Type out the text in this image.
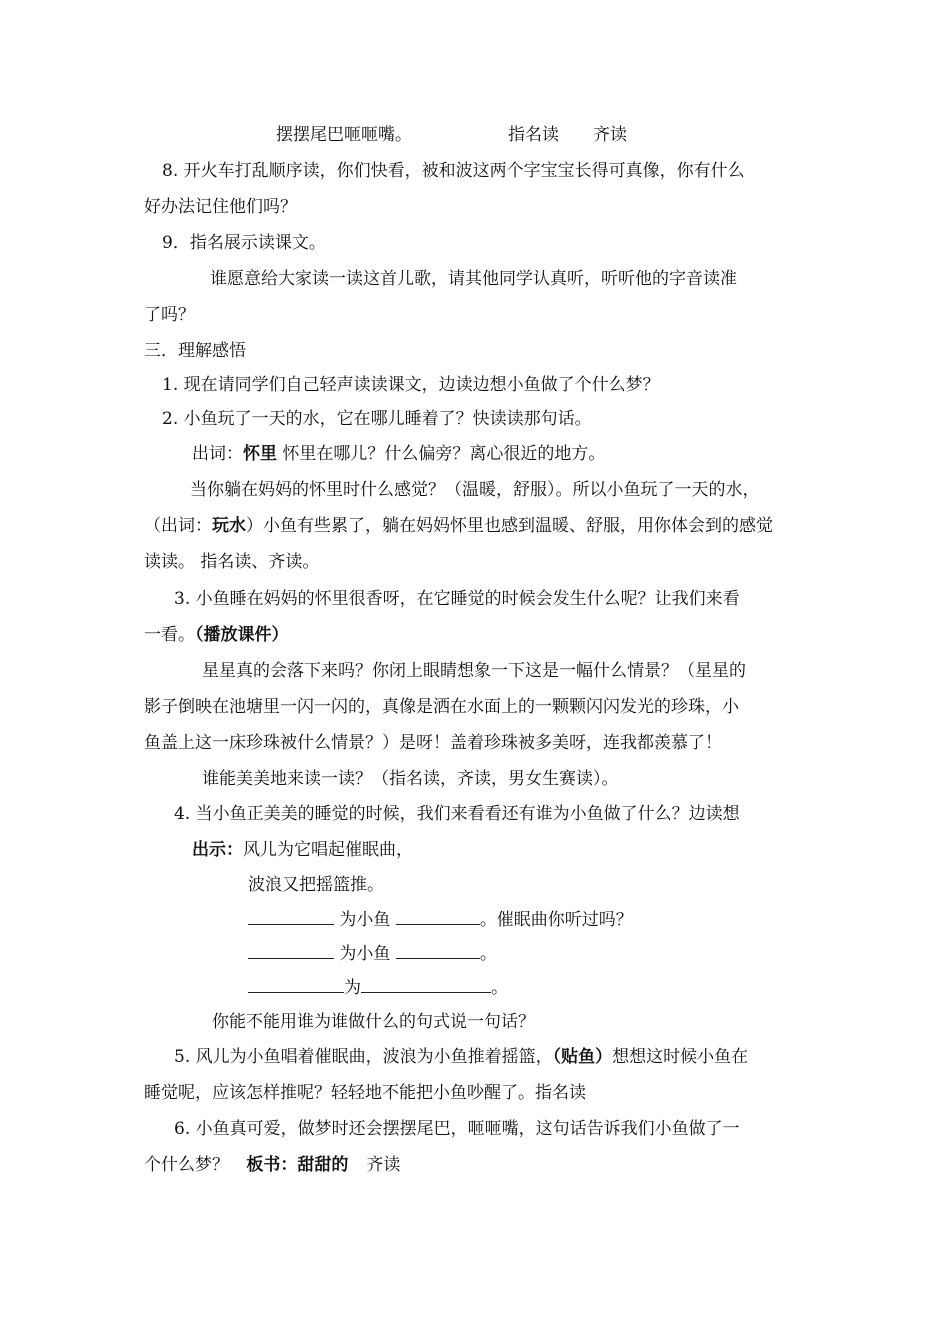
摆摆尾巴咂咂嘴。	指名读 齐读
8. 开火车打乱顺序读，你们快看，被和波这两个字宝宝长得可真像，你有什么
好办法记住他们吗？
9．指名展示读课文。
谁愿意给大家读一读这首儿歌，请其他同学认真听，听听他的字音读准
了吗？
三．理解感悟
1. 现在请同学们自己轻声读读课文，边读边想小鱼做了个什么梦？
2. 小鱼玩了一天的水，它在哪儿睡着了？快读读那句话。
出词：怀里 怀里在哪儿？什么偏旁？离心很近的地方。
当你躺在妈妈的怀里时什么感觉？（温暖，舒服）。所以小鱼玩了一天的水，
（出词：玩水）小鱼有些累了，躺在妈妈怀里也感到温暖、舒服，用你体会到的感觉
读读。 指名读、齐读。
3. 小鱼睡在妈妈的怀里很香呀，在它睡觉的时候会发生什么呢？让我们来看
一看。（播放课件）
星星真的会落下来吗？你闭上眼睛想象一下这是一幅什么情景？（星星的
影子倒映在池塘里一闪一闪的，真像是洒在水面上的一颗颗闪闪发光的珍珠，小
鱼盖上这一床珍珠被什么情景？）是呀！盖着珍珠被多美呀，连我都羡慕了！
谁能美美地来读一读？（指名读，齐读，男女生赛读）。
4. 当小鱼正美美的睡觉的时候，我们来看看还有谁为小鱼做了什么？边读想
出示：风儿为它唱起催眠曲，
波浪又把摇篮推。
为小鱼	。催眠曲你听过吗？
为小鱼	。
为	。
你能不能用谁为谁做什么的句式说一句话？
5. 风儿为小鱼唱着催眠曲，波浪为小鱼推着摇篮，（贴鱼）想想这时候小鱼在
睡觉呢，应该怎样推呢？轻轻地不能把小鱼吵醒了。指名读
6. 小鱼真可爱，做梦时还会摆摆尾巴，咂咂嘴，这句话告诉我们小鱼做了一
个什么梦？ 板书：甜甜的 齐读
